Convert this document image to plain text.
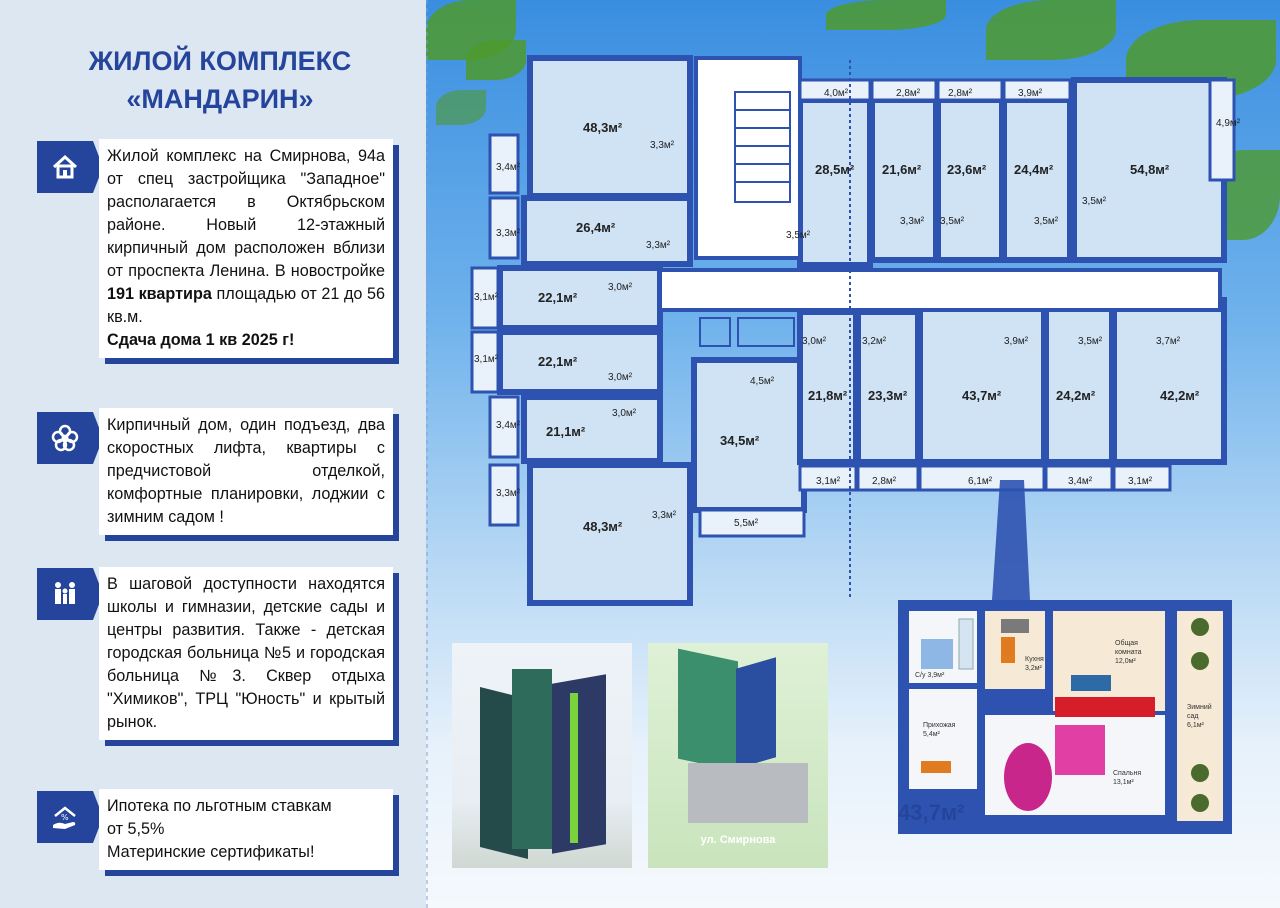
ЖИЛОЙ КОМПЛЕКС
«МАНДАРИН»

Жилой комплекс на Смирнова, 94а от спец застройщика "Западное" располагается в Октябрьском районе. Новый 12-этажный кирпичный дом расположен вблизи от проспекта Ленина. В новостройке 191 квартира площадью от 21 до 56 кв.м.

Сдача дома 1 кв 2025 г!

Кирпичный дом, один подъезд, два скоростных лифта, квартиры с предчистовой отделкой, комфортные планировки, лоджии с зимним садом !

В шаговой доступности находятся школы и гимназии, детские сады и центры развития. Также - детская городская больница №5 и городская больница №3. Сквер отдыха "Химиков", ТРЦ "Юность" и крытый рынок.

%

Ипотека по льготным ставкам

от 5,5%

Материнские сертификаты!

48,3м²
26,4м²
22,1м²
22,1м²
21,1м²
48,3м²
34,5м²
28,5м² 21,6м² 23,6м² 24,4м²	54,8м²
21,8м² 23,3м²	43,7м²	24,2м²	42,2м²
3,3м²
3,3м²
3,4м²
3,3м²
3,1м²
3,0м²
3,1м²
3,0м²
3,4м²
3,0м²
3,3м²
3,3м²
4,5м²
5,5м²
4,0м²	2,8м²	2,8м²	3,9м²
4,9м²
3,5м²
3,3м² 3,5м²	3,5м²
3,5м²
3,0м²	3,2м²	3,9м²	3,5м²	3,7м²
3,1м²	2,8м²	6,1м²	3,4м²	3,1м²
С/у 3,9м²
Кухня 3,2м²
Общая комната 12,0м²
Прихожая 5,4м²
Спальня 13,1м²
Зимний сад 6,1м²
43,7м²
ул. Смирнова
